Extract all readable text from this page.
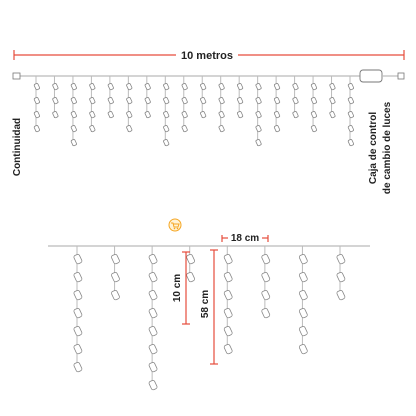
10 metros
Continuidad	Caja de control de cambio de luces
18 cm
10 cm
58 cm
